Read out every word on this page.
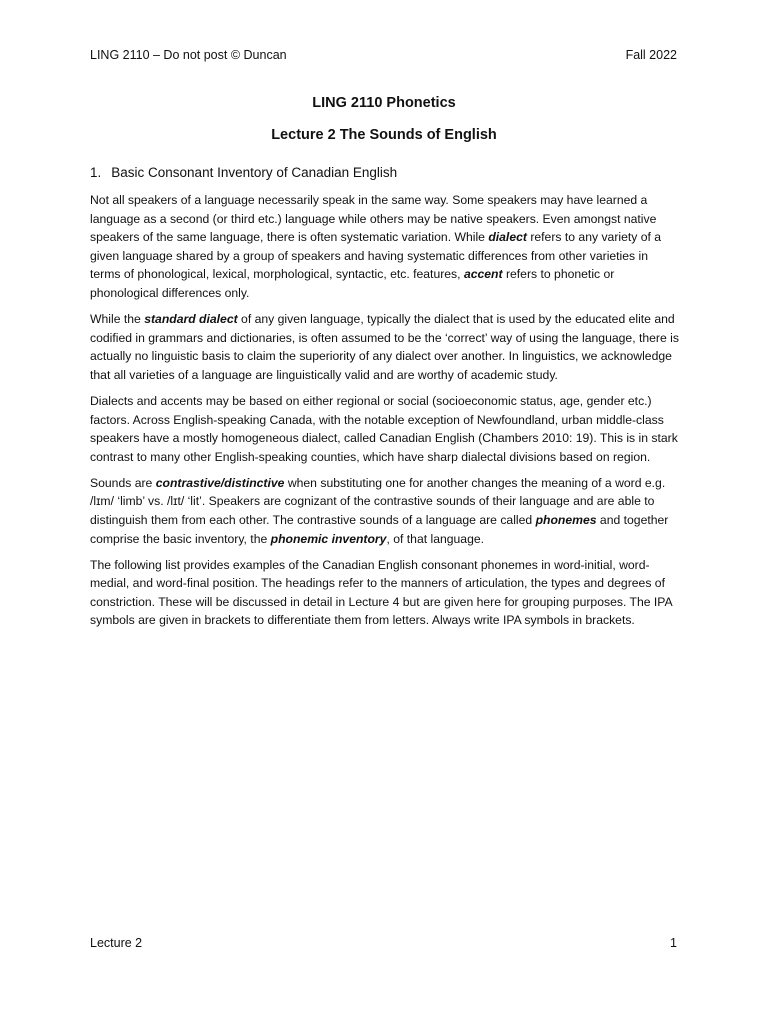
LING 2110 – Do not post © Duncan	Fall 2022
LING 2110 Phonetics
Lecture 2 The Sounds of English
1. Basic Consonant Inventory of Canadian English

Not all speakers of a language necessarily speak in the same way. Some speakers may have learned a language as a second (or third etc.) language while others may be native speakers. Even amongst native speakers of the same language, there is often systematic variation. While dialect refers to any variety of a given language shared by a group of speakers and having systematic differences from other varieties in terms of phonological, lexical, morphological, syntactic, etc. features, accent refers to phonetic or phonological differences only.

While the standard dialect of any given language, typically the dialect that is used by the educated elite and codified in grammars and dictionaries, is often assumed to be the ‘correct’ way of using the language, there is actually no linguistic basis to claim the superiority of any dialect over another. In linguistics, we acknowledge that all varieties of a language are linguistically valid and are worthy of academic study.

Dialects and accents may be based on either regional or social (socioeconomic status, age, gender etc.) factors. Across English-speaking Canada, with the notable exception of Newfoundland, urban middle-class speakers have a mostly homogeneous dialect, called Canadian English (Chambers 2010: 19). This is in stark contrast to many other English-speaking counties, which have sharp dialectal divisions based on region.

Sounds are contrastive/distinctive when substituting one for another changes the meaning of a word e.g. /lɪm/ ‘limb’ vs. /lɪt/ ‘lit’. Speakers are cognizant of the contrastive sounds of their language and are able to distinguish them from each other. The contrastive sounds of a language are called phonemes and together comprise the basic inventory, the phonemic inventory, of that language.

The following list provides examples of the Canadian English consonant phonemes in word-initial, word-medial, and word-final position. The headings refer to the manners of articulation, the types and degrees of constriction. These will be discussed in detail in Lecture 4 but are given here for grouping purposes. The IPA symbols are given in brackets to differentiate them from letters. Always write IPA symbols in brackets.

Lecture 2	1
